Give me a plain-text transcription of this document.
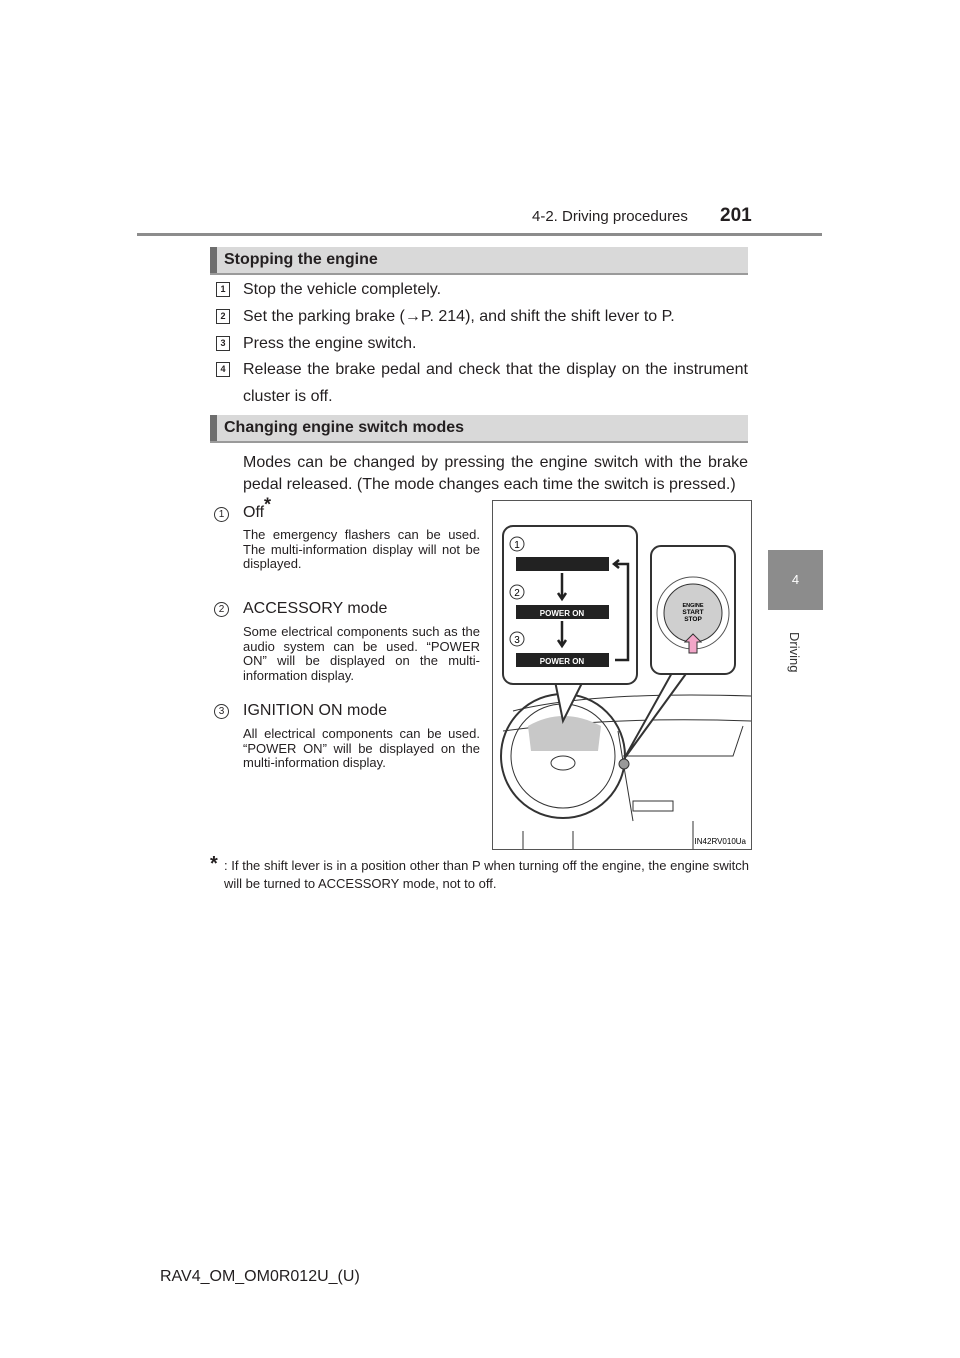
4-2. Driving procedures 201
4
Driving
Stopping the engine
1 Stop the vehicle completely.
2 Set the parking brake (→P. 214), and shift the shift lever to P.
3 Press the engine switch.
4 Release the brake pedal and check that the display on the instrument cluster is off.
Changing engine switch modes
Modes can be changed by pressing the engine switch with the brake pedal released. (The mode changes each time the switch is pressed.)
1 Off*
The emergency flashers can be used. The multi-information display will not be displayed.
2 ACCESSORY mode
Some electrical components such as the audio system can be used. “POWER ON” will be displayed on the multi-information display.
3 IGNITION ON mode
All electrical components can be used. “POWER ON” will be displayed on the multi-information display.
1
2
POWER ON
3
POWER ON
ENGINE
START
STOP
IN42RV010Ua
* : If the shift lever is in a position other than P when turning off the engine, the engine switch will be turned to ACCESSORY mode, not to off.
RAV4_OM_OM0R012U_(U)
